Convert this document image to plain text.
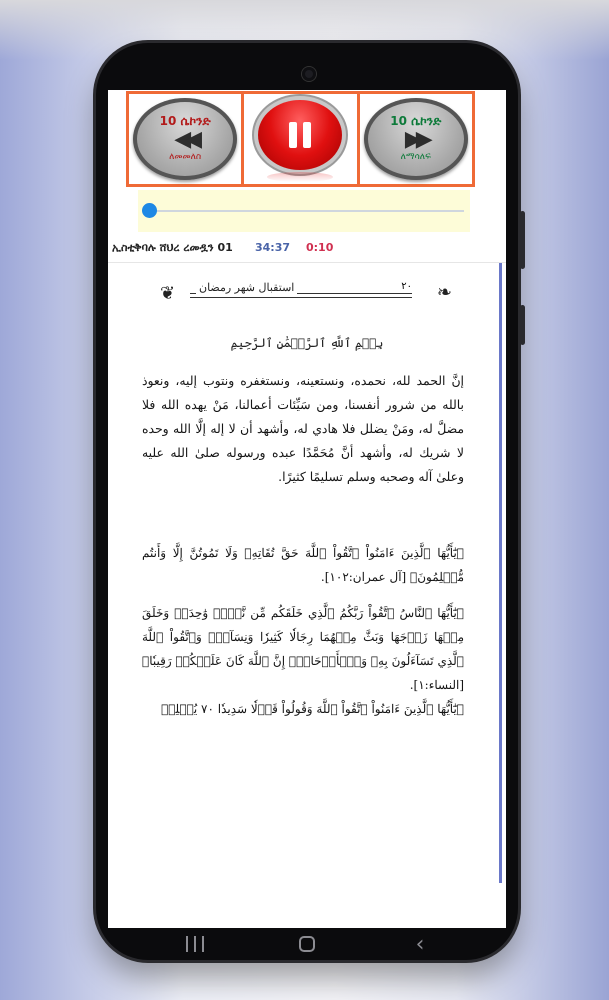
10 ሴኮንድ
◀◀
ለመመለስ
10 ሴኮንድ
▶▶
ለማሳለፍ
ኢስቲቅባሉ ሸህረ ረመዷን 01 34:37 0:10
❦ استقبال شهر رمضان	٢٠ ❧
بِسۡمِ ٱللَّهِ ٱلرَّحۡمَٰنِ ٱلرَّحِيمِ
إنَّ الحمد لله، نحمده، ونستعينه، ونستغفره ونتوب إليه، ونعوذ بالله من شرور أنفسنا، ومن سَيِّئات أعمالنا، مَنْ يهده الله فلا مضلَّ له، ومَنْ يضلل فلا هادي له، وأشهد أن لا إله إلَّا الله وحده لا شريك له، وأشهد أنَّ مُحَمَّدًا عبده ورسوله صلىٰ الله عليه وعلىٰ آله وصحبه وسلم تسليمًا كثيرًا.
﴿يَٰٓأَيُّهَا ٱلَّذِينَ ءَامَنُواْ ٱتَّقُواْ ٱللَّهَ حَقَّ تُقَاتِهِۦ وَلَا تَمُوتُنَّ إِلَّا وَأَنتُم مُّسۡلِمُونَ﴾ [آل عمران:١٠٢].
﴿يَٰٓأَيُّهَا ٱلنَّاسُ ٱتَّقُواْ رَبَّكُمُ ٱلَّذِي خَلَقَكُم مِّن نَّفۡسٖ وَٰحِدَةٖ وَخَلَقَ مِنۡهَا زَوۡجَهَا وَبَثَّ مِنۡهُمَا رِجَالٗا كَثِيرٗا وَنِسَآءٗۚ وَٱتَّقُواْ ٱللَّهَ ٱلَّذِي تَسَآءَلُونَ بِهِۦ وَٱلۡأَرۡحَامَۚ إِنَّ ٱللَّهَ كَانَ عَلَيۡكُمۡ رَقِيبٗا﴾ [النساء:١].
﴿يَٰٓأَيُّهَا ٱلَّذِينَ ءَامَنُواْ ٱتَّقُواْ ٱللَّهَ وَقُولُواْ قَوۡلٗا سَدِيدٗا ٧٠ يُصۡلِحۡ
‹
